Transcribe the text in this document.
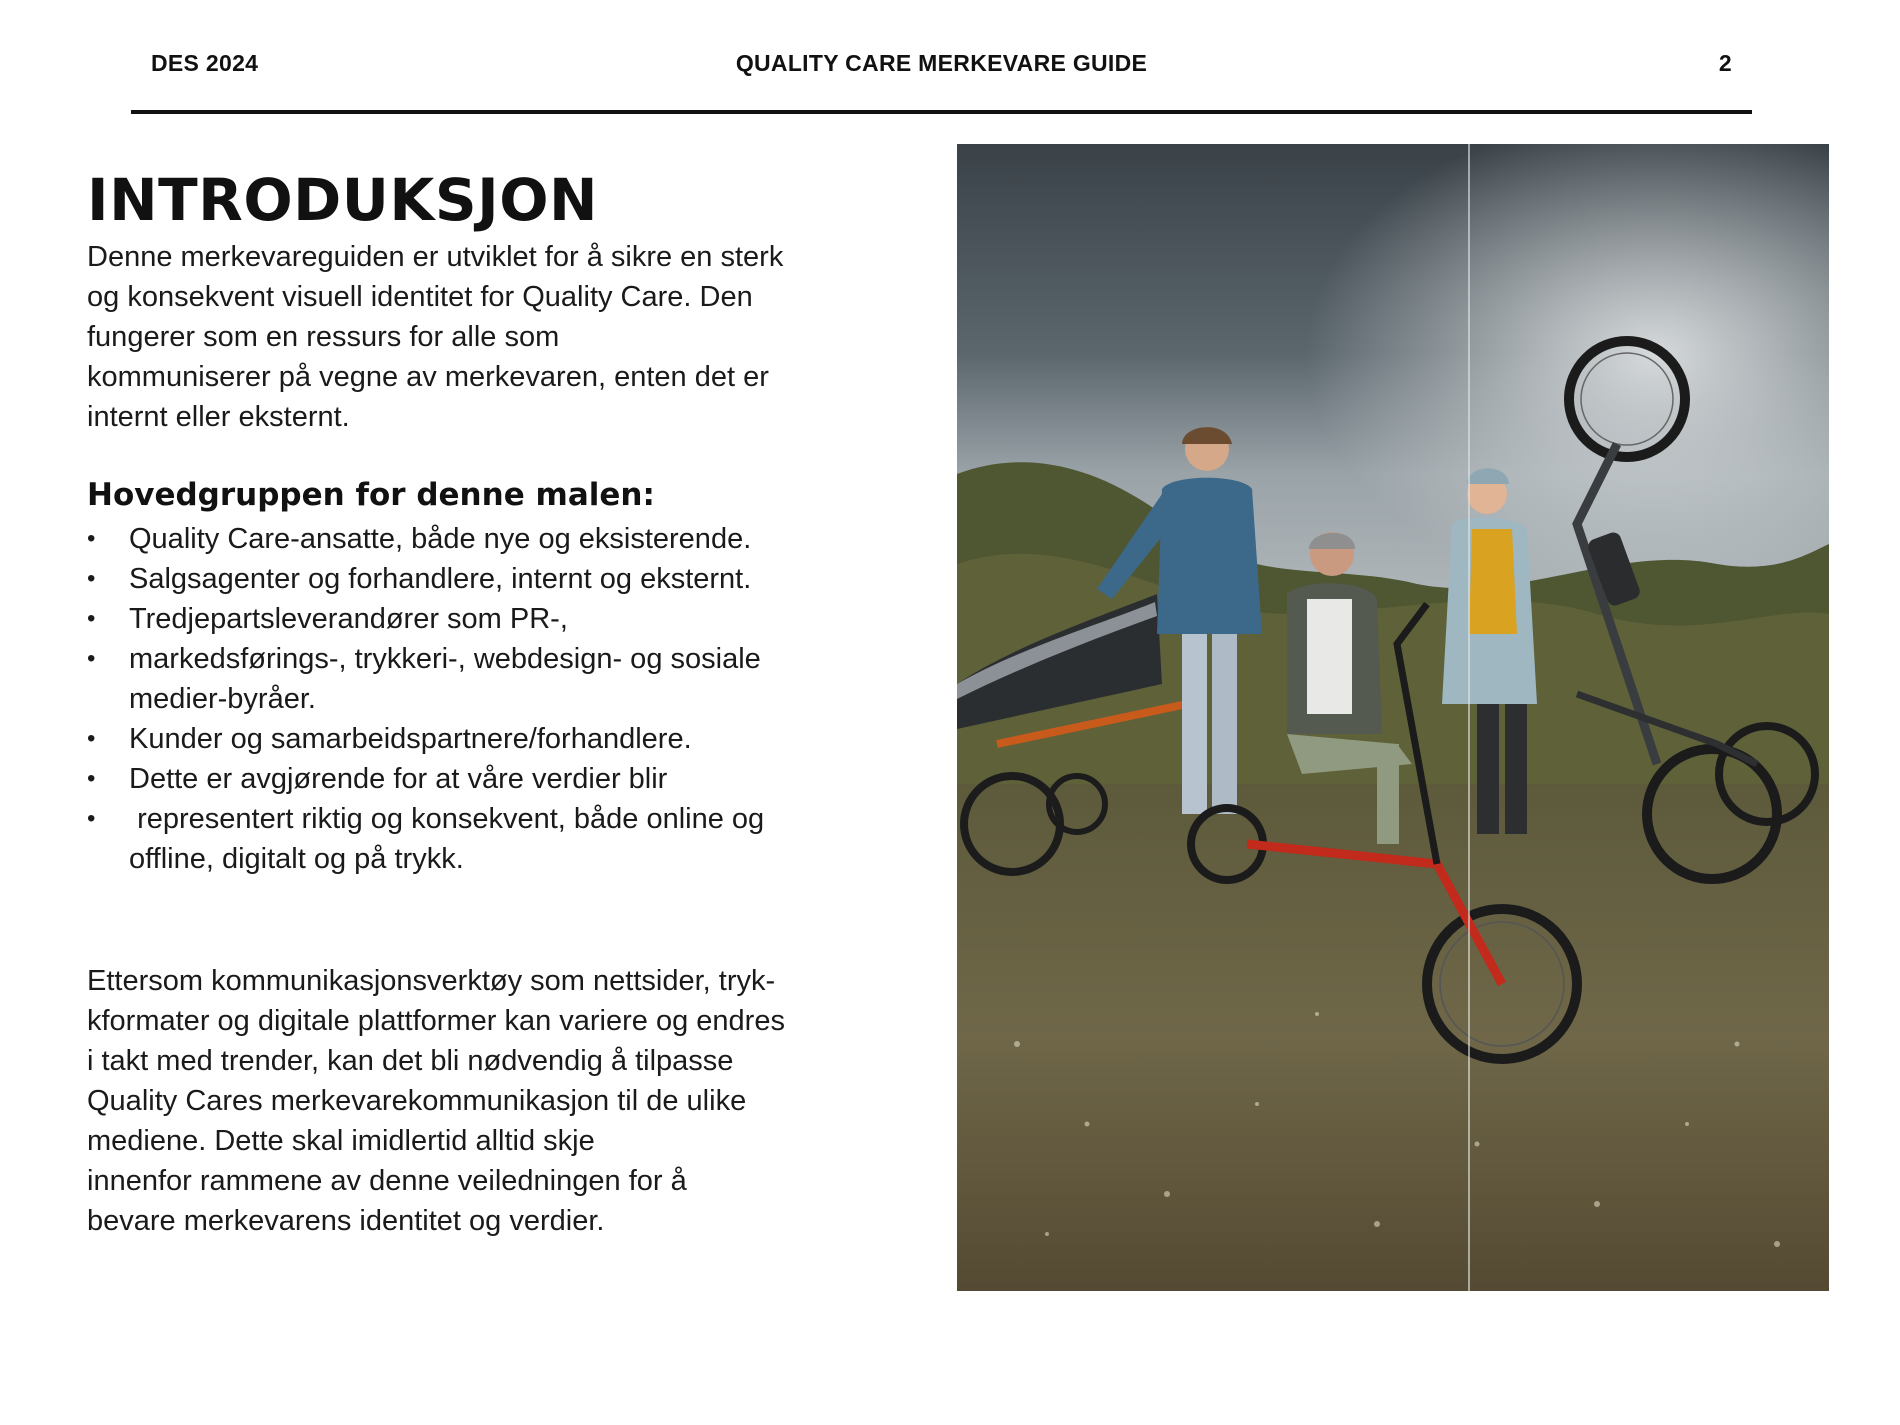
DES 2024	QUALITY CARE MERKEVARE GUIDE	2
INTRODUKSJON

Denne merkevareguiden er utviklet for å sikre en sterk
og konsekvent visuell identitet for Quality Care. Den
fungerer som en ressurs for alle som
kommuniserer på vegne av merkevaren, enten det er
internt eller eksternt.

Hovedgruppen for denne malen:
• Quality Care-ansatte, både nye og eksisterende.
• Salgsagenter og forhandlere, internt og eksternt.
• Tredjepartsleverandører som PR-,
• markedsførings-, trykkeri-, webdesign- og sosiale medier-byråer.
• Kunder og samarbeidspartnere/forhandlere.
• Dette er avgjørende for at våre verdier blir
• representert riktig og konsekvent, både online og offline, digitalt og på trykk.

Ettersom kommunikasjonsverktøy som nettsider, tryk-
kformater og digitale plattformer kan variere og endres
i takt med trender, kan det bli nødvendig å tilpasse
Quality Cares merkevarekommunikasjon til de ulike
mediene. Dette skal imidlertid alltid skje
innenfor rammene av denne veiledningen for å
bevare merkevarens identitet og verdier.
